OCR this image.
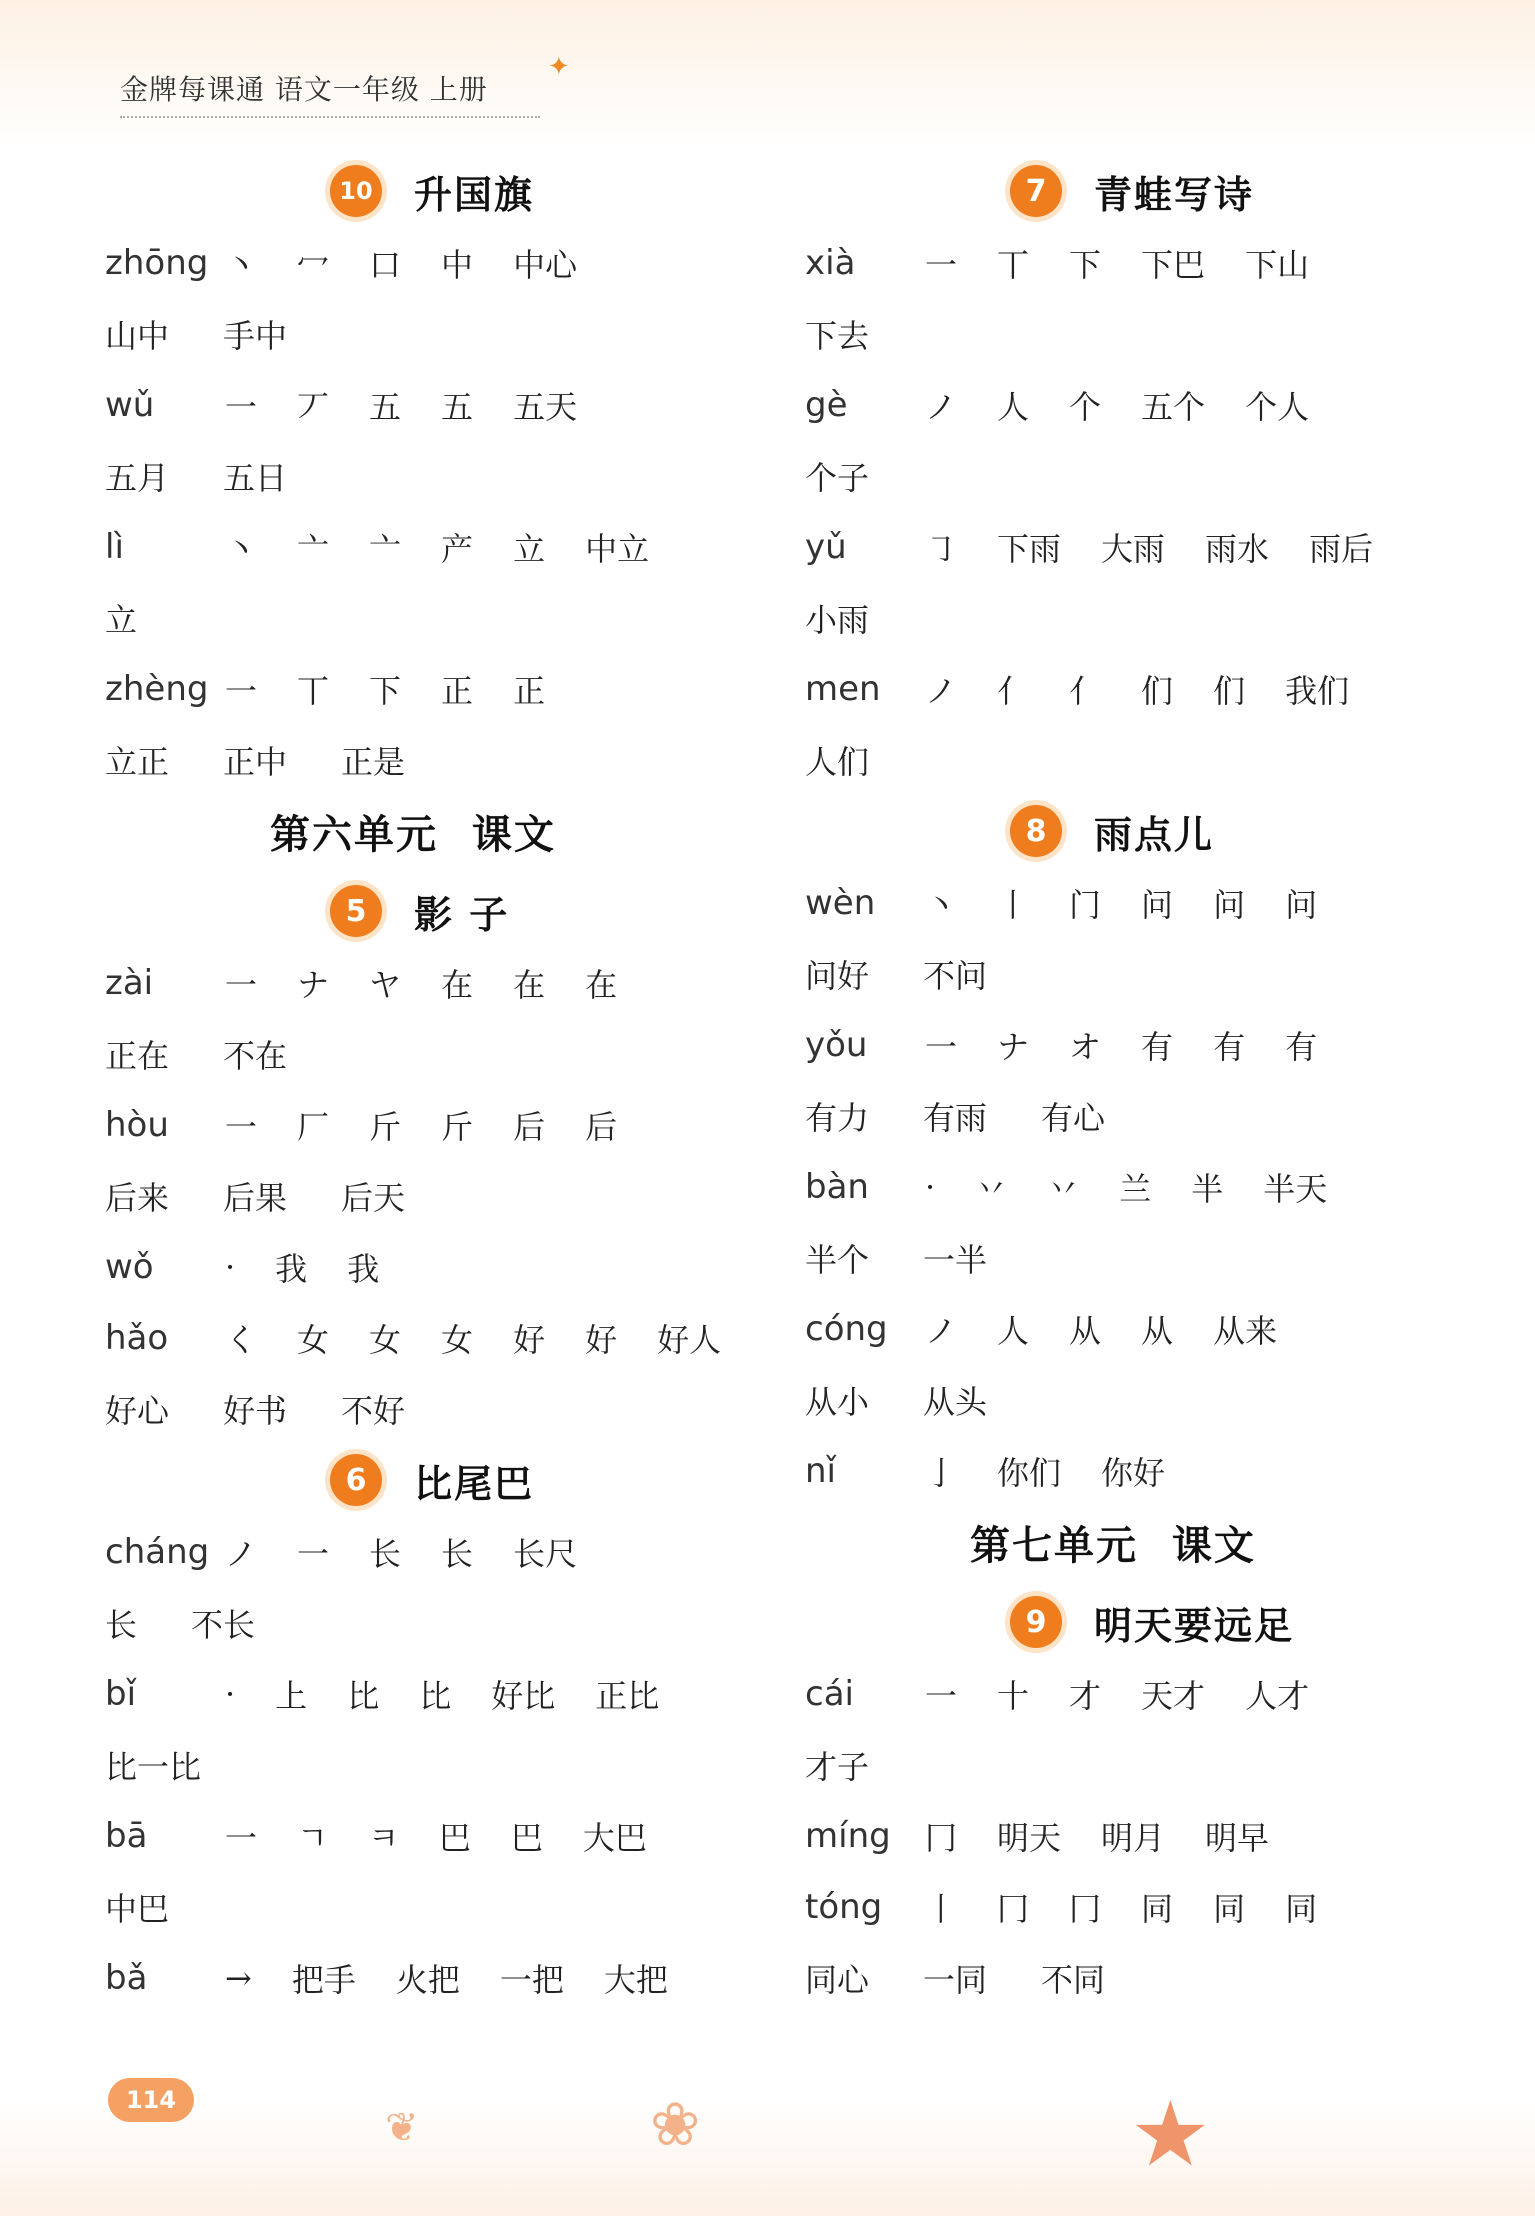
金牌每课通 语文一年级 上册
✦
10 升国旗
zhōng 丶 冖 口 中 中心
山中 手中
wǔ	一 丆 五 五 五天
五月 五日
lì	丶 亠 亠 产 立 中立
立
zhèng 一 丅 下 正 正
立正 正中 正是
第六单元 课文
5	影 子
zài	一 ナ ヤ 在 在 在
正在 不在
hòu	一 厂 斤 斤 后 后
后来 后果 后天
wǒ	· 我 我
hǎo	く 女 女 女 好 好 好人
好心 好书 不好
6	比尾巴
cháng ノ 一 长 长 长尺
长 不长
bǐ	· 上 比 比 好比 正比
比一比
bā	一 ㄱ ㅋ 巴 巴 大巴
中巴
bǎ	→ 把手 火把 一把 大把
7	青蛙写诗
xià	一 丅 下 下巴 下山
下去
gè	ノ 人 个 五个 个人
个子
yǔ	㇆ 下雨 大雨 雨水 雨后
小雨
men	ノ 亻 亻 们 们 我们
人们
8	雨点儿
wèn	丶 丨 门 问 问 问
问好 不问
yǒu	一 ナ オ 有 有 有
有力 有雨 有心
bàn	· 丷 丷 兰 半 半天
半个 一半
cóng	ノ 人 从 从 从来
从小 从头
nǐ	亅 你们 你好
第七单元 课文
9	明天要远足
cái	一 十 才 天才 人才
才子
míng	冂 明天 明月 明早
tóng	丨 冂 冂 同 同 同
同心 一同 不同
❦	❀	★
114
